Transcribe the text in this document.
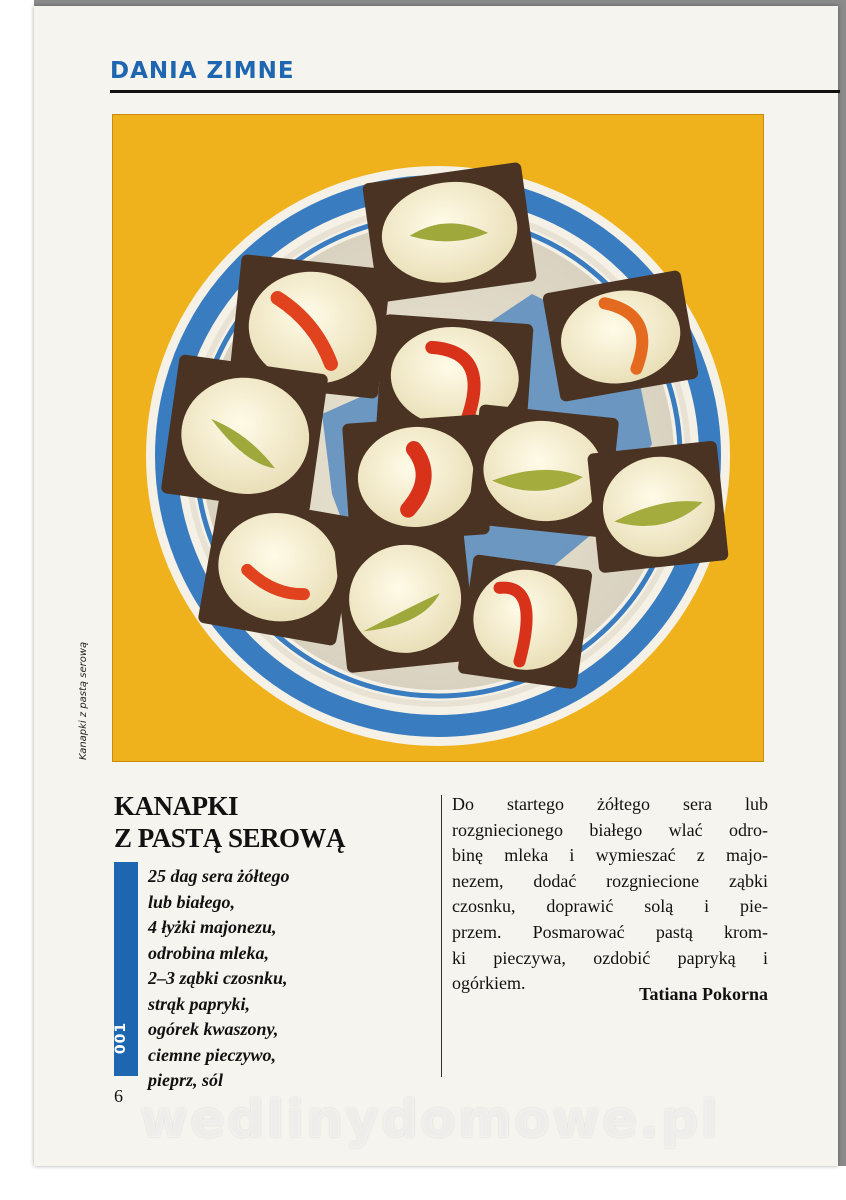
DANIA ZIMNE
Kanapki z pastą serową
KANAPKI
Z PASTĄ SEROWĄ
001
25 dag sera żółtego
lub białego,
4 łyżki majonezu,
odrobina mleka,
2–3 ząbki czosnku,
strąk papryki,
ogórek kwaszony,
ciemne pieczywo,
pieprz, sól
Do startego żółtego sera lub
rozgniecionego białego wlać odro-
binę mleka i wymieszać z majo-
nezem, dodać rozgniecione ząbki
czosnku, doprawić solą i pie-
przem. Posmarować pastą krom-
ki pieczywa, ozdobić papryką i
ogórkiem.
Tatiana Pokorna
6 wedlinydomowe.pl
